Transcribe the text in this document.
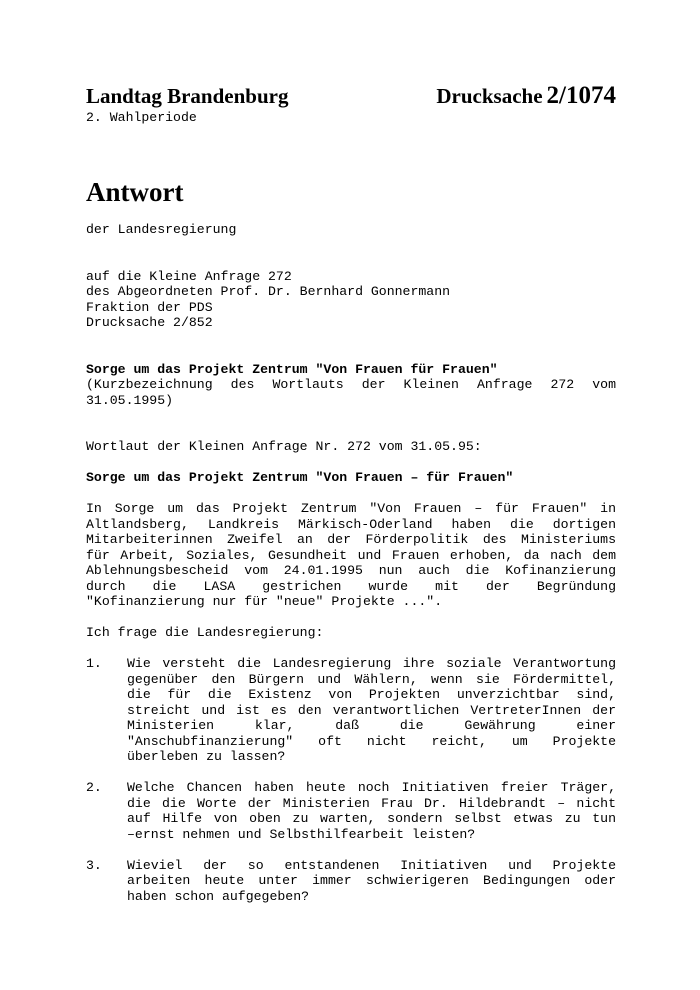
Landtag Brandenburg	Drucksache 2/1074
2. Wahlperiode
Antwort

der Landesregierung

auf die Kleine Anfrage 272
des Abgeordneten Prof. Dr. Bernhard Gonnermann
Fraktion der PDS
Drucksache 2/852
Sorge um das Projekt Zentrum "Von Frauen für Frauen"
(Kurzbezeichnung des Wortlauts der Kleinen Anfrage 272 vom
31.05.1995)
Wortlaut der Kleinen Anfrage Nr. 272 vom 31.05.95:
Sorge um das Projekt Zentrum "Von Frauen – für Frauen"
In Sorge um das Projekt Zentrum "Von Frauen – für Frauen" in
Altlandsberg, Landkreis Märkisch-Oderland haben die dortigen
Mitarbeiterinnen Zweifel an der Förderpolitik des Ministeriums
für Arbeit, Soziales, Gesundheit und Frauen erhoben, da nach dem
Ablehnungsbescheid vom 24.01.1995 nun auch die Kofinanzierung
durch die LASA gestrichen wurde mit der Begründung
"Kofinanzierung nur für "neue" Projekte ...".
Ich frage die Landesregierung:
1.	Wie versteht die Landesregierung ihre soziale Verantwortung
gegenüber den Bürgern und Wählern, wenn sie Fördermittel,
die für die Existenz von Projekten unverzichtbar sind,
streicht und ist es den verantwortlichen VertreterInnen der
Ministerien klar, daß die Gewährung einer
"Anschubfinanzierung" oft nicht reicht, um Projekte
überleben zu lassen?
2.	Welche Chancen haben heute noch Initiativen freier Träger,
die die Worte der Ministerien Frau Dr. Hildebrandt – nicht
auf Hilfe von oben zu warten, sondern selbst etwas zu tun
–ernst nehmen und Selbsthilfearbeit leisten?
3.	Wieviel der so entstandenen Initiativen und Projekte
arbeiten heute unter immer schwierigeren Bedingungen oder
haben schon aufgegeben?
